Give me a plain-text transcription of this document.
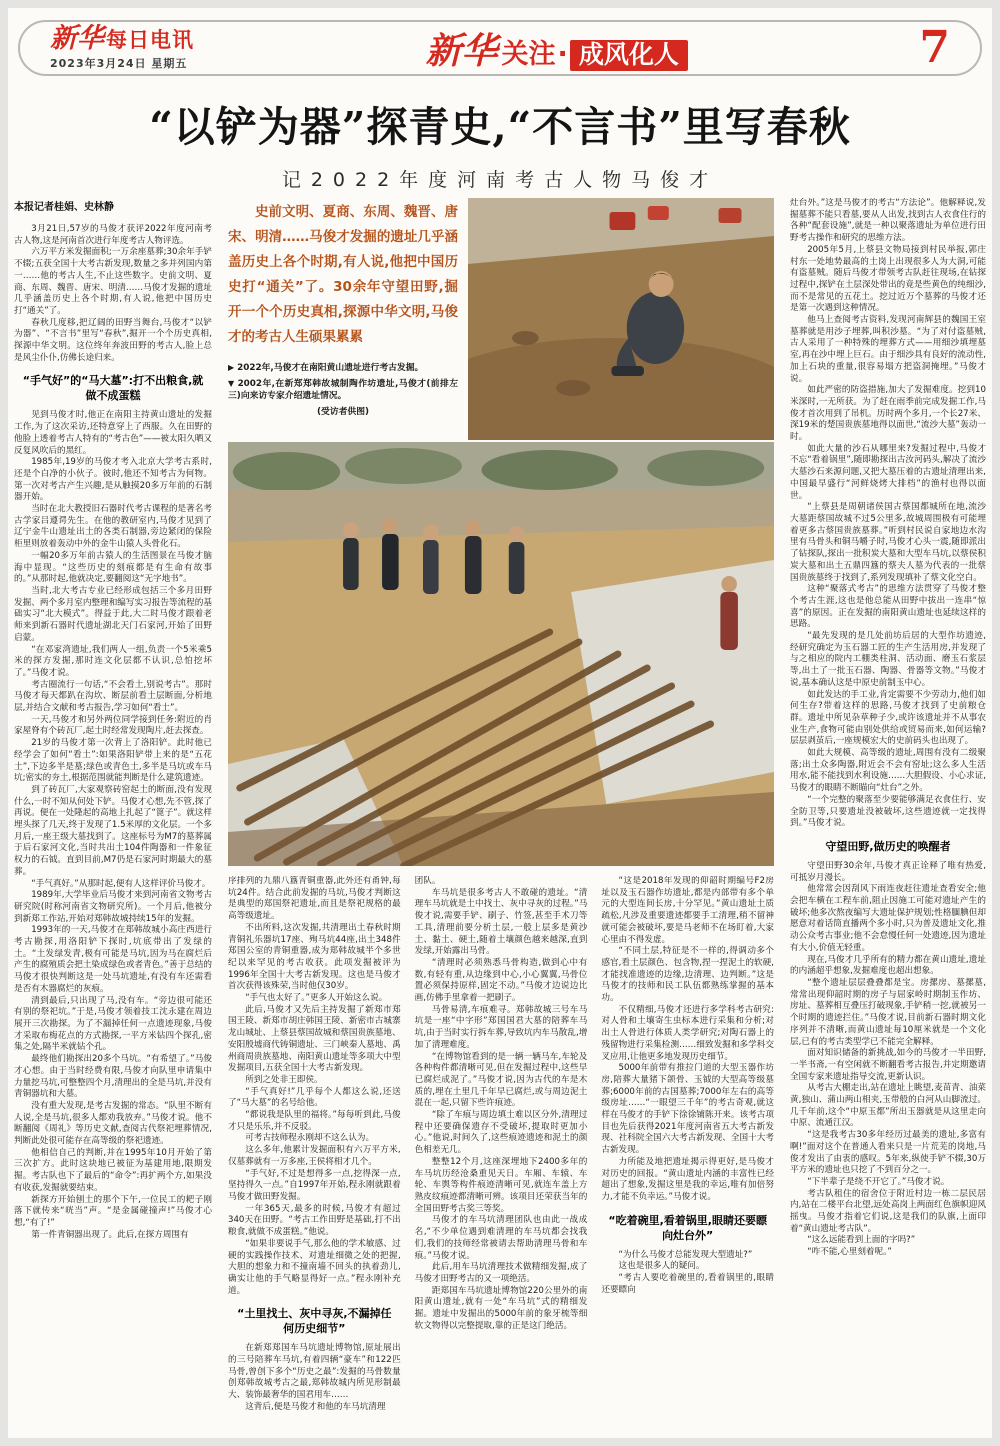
新华每日电讯
2023年3月24日 星期五	新华 关注· 成风化人	7
“以铲为器”探青史,“不言书”里写春秋
记2022年度河南考古人物马俊才

本报记者桂娟、史林静

3月21日,57岁的马俊才获评2022年度河南考古人物,这是河南首次进行年度考古人物评选。

六万平方米发掘面积;一万余座墓葬;30余年手铲不辍;五获全国十大考古新发现,数量之多并列国内第一……他的考古人生,不止这些数字。史前文明、夏商、东周、魏晋、唐宋、明清……马俊才发掘的遗址几乎涵盖历史上各个时期,有人说,他把中国历史打“通关”了。

春秋几度移,把辽阔的田野当舞台,马俊才“以铲为器”、“不言书”里写“春秋”,掘开一个个历史真相,探源中华文明。这位终年奔波田野的考古人,脸上总是风尘仆仆,仿佛长途归来。

“手气好”的“马大墓”:打不出粮食,就做不成蛋糕

见到马俊才时,他正在南阳主持黄山遗址的发掘工作,为了这次采访,还特意穿上了西服。久在田野的他脸上透着考古人特有的“考古色”——被太阳久晒又反复风吹后的黑红。

1985年,19岁的马俊才考入北京大学考古系时,还是个白净的小伙子。彼时,他还不知考古为何物。第一次对考古产生兴趣,是从触摸20多万年前的石制器开始。

当时在北大教授旧石器时代考古课程的是著名考古学家吕遵谔先生。在他的教研室内,马俊才见到了辽宁金牛山遗址出土的各类石制器,旁边紧闭的保险柜里则放着轰动中外的金牛山猿人头骨化石。

一幅20多万年前古猿人的生活图景在马俊才脑海中显现。“这些历史的刻痕都是有生命有故事的。”从那时起,他就决定,要翻阅这“无字地书”。

当时,北大考古专业已经形成包括三个多月田野发掘、两个多月室内整理和编写实习报告等流程的基础实习“北大模式”。得益于此,大二时马俊才跟着老师来到新石器时代遗址湖北天门石家河,开始了田野启蒙。

“在邓家湾遗址,我们两人一组,负责一个5米乘5米的探方发掘,那时连文化层都不认识,总怕挖坏了。”马俊才说。

考古圈流行一句话,“不会看土,别说考古”。那时马俊才每天都趴在沟坎、断层前看土层断面,分析地层,并结合文献和考古报告,学习如何“看土”。

一天,马俊才和另外两位同学接到任务:附近的肖家屋脊有个砖瓦厂,起土时经常发现陶片,赶去探查。

21岁的马俊才第一次背上了洛阳铲。此时他已经学会了如何“看土”:如果洛阳铲带上来的是“五花土”,下边多半是墓;绿色或青色土,多半是马坑或车马坑;密实的夯土,根据范围就能判断是什么建筑遗迹。

到了砖瓦厂,大家观察砖窑起土的断面,没有发现什么,一时不知从何处下铲。马俊才心想,先不管,探了再说。便在一处隆起的高地上扎起了“篦子”。就这样埋头探了几天,终于发现了1.5米厚的文化层。一个多月后,一座王级大墓找到了。这座标号为M7的墓葬属于后石家河文化,当时共出土104件陶器和一件象征权力的石钺。直到目前,M7仍是石家河时期最大的墓葬。

“手气真好。”从那时起,便有人这样评价马俊才。

1989年,大学毕业后马俊才来到河南省文物考古研究院(时称河南省文物研究所)。一个月后,他被分到新郑工作站,开始对郑韩故城持续15年的发掘。

1993年的一天,马俊才在郑韩故城小高庄西进行考古勘探,用洛阳铲下探时,坑底带出了发绿的土。“土发绿发青,极有可能是马坑,因为马在腐烂后产生的腐殖质会把土染成绿色或者青色。”善于总结的马俊才很快判断这是一处马坑遗址,有没有车还需看是否有木器腐烂的灰痕。

清到最后,只出现了马,没有车。“旁边很可能还有别的祭祀坑。”于是,马俊才领着技工沈永建在周边展开三次勘探。为了不漏掉任何一点遗迹现象,马俊才采取布梅花点的方式勘探,一平方米钻四个探孔,密集之处,隔半米就钻个孔。

最终他们勘探出20多个马坑。“有希望了。”马俊才心想。由于当时经费有限,马俊才向队里申请集中力量挖马坑,可整整四个月,清理出的全是马坑,并没有青铜器坑和大墓。

没有重大发现,是考古发掘的常态。“队里不断有人说,全是马坑,很多人都劝我放弃。”马俊才说。他不断翻阅《周礼》等历史文献,查阅古代祭祀埋葬情况,判断此处很可能存在高等级的祭祀遗迹。

他相信自己的判断,并在1995年10月开始了第三次扩方。此时这块地已被征为基建用地,限期发掘。考古队也下了最后的“命令”:再扩两个方,如果没有收获,发掘就要结束。

新探方开始刨土的那个下午,一位民工的耙子刚落下就传来“咣当”声。“是金属碰撞声!”马俊才心想,“有了!”

第一件青铜器出现了。此后,在探方周围有

史前文明、夏商、东周、魏晋、唐宋、明清……马俊才发掘的遗址几乎涵盖历史上各个时期,有人说,他把中国历史打“通关”了。30余年守望田野,掘开一个个历史真相,探源中华文明,马俊才的考古人生硕果累累

▶ 2022年,马俊才在南阳黄山遗址进行考古发掘。

▼ 2002年,在新郑郑韩故城制陶作坊遗址,马俊才(前排左三)向来访专家介绍遗址情况。

(受访者供图)

序排列的九鼎八簋青铜重器,此外还有甬钟,每坑24件。结合此前发掘的马坑,马俊才判断这是典型的郑国祭祀遗址,而且是祭祀规格的最高等级遗址。

不出所料,这次发掘,共清理出土春秋时期青铜礼乐器坑17座、殉马坑44座,出土348件郑国公室的青铜重器,成为郑韩故城半个多世纪以来罕见的考古收获。此项发掘被评为1996年全国十大考古新发现。这也是马俊才首次获得该殊荣,当时他仅30岁。

“手气也太好了。”更多人开始这么说。

此后,马俊才又先后主持发掘了新郑市郑国王陵、新郑市胡庄韩国王陵、新密市古城寨龙山城址、上蔡县蔡国故城和蔡国贵族墓地、安阳殷墟商代铸铜遗址、三门峡秦人墓地、禹州商周贵族墓地、南阳黄山遗址等多项大中型发掘项目,五获全国十大考古新发现。

所到之处非王即侯。

“手气真好!”几乎每个人都这么说,还送了“马大墓”的名号给他。

“都说我是队里的福将。”每每听到此,马俊才只是乐乐,并不反驳。

可考古技师程永刚却不这么认为。

这么多年,他累计发掘面积有六万平方米,仅墓葬就有一万多座,王侯将相才几个。

“手气好,不过是想得多一点,挖得深一点,坚持得久一点。”自1997年开始,程永刚就跟着马俊才做田野发掘。

一年365天,最多的时候,马俊才有超过340天在田野。“考古工作田野是基础,打不出粮食,就做不成蛋糕。”他说。

“如果非要说手气,那么他的学术敏感、过硬的实践操作技术、对遗址细微之处的把握,大胆的想象力和不撞南墙不回头的执着劲儿,确实让他的手气略显得好一点。”程永刚补充道。

“土里找土、灰中寻灰,不漏掉任何历史细节”

在新郑郑国车马坑遗址博物馆,原址展出的三号陪葬车马坑,有着四辆“豪车”和122匹马骨,曾创下多个“历史之最”:发掘的马骨数量创郑韩故城考古之最,郑韩故城内所见形制最大、装饰最奢华的国君用车……

这背后,便是马俊才和他的车马坑清理

团队。

车马坑是很多考古人不敢碰的遗址。“清理车马坑就是土中找土、灰中寻灰的过程。”马俊才说,需要手铲、刷子、竹签,甚至手术刀等工具,清理前要分析土层,一般上层多是黄沙土、黏土、硬土,随着土壤颜色越来越深,直到发绿,开始露出马骨。

“清理时必须熟悉马骨构造,做到心中有数,有轻有重,从边缘到中心,小心翼翼,马骨位置必须保持原样,固定不动。”马俊才边说边比画,仿佛手里拿着一把刷子。

马骨易清,车痕难寻。郑韩故城三号车马坑是一座“中字形”郑国国君大墓的陪葬车马坑,由于当时实行拆车葬,导致坑内车马散乱,增加了清理难度。

“在博物馆看到的是一辆一辆马车,车轮及各种构件都清晰可见,但在发掘过程中,这些早已腐烂成泥了。”马俊才说,因为古代的车是木质的,埋在土里几千年早已腐烂,或与周边泥土混在一起,只留下些许痕迹。

“除了车痕与周边填土难以区分外,清理过程中还要确保遗存不受破坏,提取时更加小心。”他说,时间久了,这些痕迹遗迹和泥土的颜色相差无几。

整整12个月,这座深埋地下2400多年的车马坑历经沧桑重见天日。车厢、车辕、车轮、车舆等构件痕迹清晰可见,就连车盖上方熟皮纹痕迹都清晰可辨。该项目还荣获当年的全国田野考古奖三等奖。

马俊才的车马坑清理团队也由此一战成名,“不少单位遇到难清理的车马坑都会找我们,我们的技师经常被请去帮助清理马骨和车痕。”马俊才说。

此后,用车马坑清理技术做精细发掘,成了马俊才田野考古的又一项绝活。

距郑国车马坑遗址博物馆220公里外的南阳黄山遗址,就有一处“车马坑”式的精细发掘。遗址中发掘出的5000年前的象牙梳等细软文物得以完整提取,靠的正是这门绝活。

“这是2018年发现的仰韶时期编号F2房址以及玉石器作坊遗址,都是内部带有多个单元的大型连间长房,十分罕见。”黄山遗址土质疏松,凡涉及重要遗迹都要手工清理,稍不留神就可能会被破坏,要是马老师不在场盯着,大家心里由不得发虚。

“不同土层,特征是不一样的,得调动多个感官,看土层颜色、包含物,捏一捏泥土的软硬,才能找准遗迹的边缘,边清理、边判断。”这是马俊才的技师和民工队伍都熟练掌握的基本功。

不仅精细,马俊才还进行多学科考古研究:对人骨和土壤寄生虫标本进行采集和分析;对出土人骨进行体质人类学研究;对陶石器上的残留物进行采集检测……细致发掘和多学科交叉应用,让他更多地发现历史细节。

5000年前带有推拉门道的大型玉器作坊房,陪葬大量猪下颌骨、玉钺的大型高等级墓葬;6000年前的古国墓葬;7000年左右的高等级房址……“一眼望三千年”的考古奇观,就这样在马俊才的手铲下徐徐铺陈开来。该考古项目也先后获得2021年度河南省五大考古新发现、社科院全国六大考古新发现、全国十大考古新发现。

力所能及地把遗址揭示得更好,是马俊才对历史的回报。“黄山遗址内涵的丰富性已经超出了想象,发掘这里是我的幸运,唯有加倍努力,才能不负幸运。”马俊才说。

“吃着碗里,看着锅里,眼睛还要瞟向灶台外”

“为什么马俊才总能发现大型遗址?”

这也是很多人的疑问。

“考古人要吃着碗里的,看着锅里的,眼睛还要瞟向

灶台外。”这是马俊才的考古“方法论”。他解释说,发掘墓葬不能只看墓,要从人出发,找到古人衣食住行的各种“配套设施”,就是一种以聚落遗址为单位进行田野考古操作和研究的思维方法。

2005年5月,上蔡县文物局接到村民举报,郭庄村东一处地势最高的土岗上出现很多人为大洞,可能有盗墓贼。随后马俊才带领考古队赶往现场,在钻探过程中,探铲在土层深处带出的竟是些黄色的纯细沙,而不是常见的五花土。挖过近万个墓葬的马俊才还是第一次遇到这种情况。

他马上查阅考古资料,发现河南辉县的魏国王室墓葬就是用沙子埋葬,叫积沙墓。“为了对付盗墓贼,古人采用了一种特殊的埋葬方式——用细沙填埋墓室,再在沙中埋上巨石。由于细沙具有良好的流动性,加上石块的重量,很容易塌方把盗洞掩埋。”马俊才说。

如此严密的防盗措施,加大了发掘难度。挖到10米深时,一无所获。为了赶在雨季前完成发掘工作,马俊才首次用到了吊机。历时两个多月,一个长27米、深19米的楚国贵族墓地得以面世,“流沙大墓”轰动一时。

如此大量的沙石从哪里来?发掘过程中,马俊才不忘“看着锅里”,随即勘探出古汝河码头,解决了流沙大墓沙石来源问题,又把大墓压着的古遗址清理出来,中国最早盛行“河鲜烧烤大排档”的渔村也得以面世。

“上蔡县是周朝诸侯国古蔡国都城所在地,流沙大墓距蔡国故城不过5公里多,故城周围极有可能埋着更多古蔡国贵族墓葬。”听到村民说自家地边水沟里有马骨头和铜马嚼子时,马俊才心头一震,随即派出了钻探队,探出一批积炭大墓和大型车马坑,以蔡侯积炭大墓和出土五鼎四簋的蔡夫人墓为代表的一批蔡国贵族墓终于找到了,系列发现填补了蔡文化空白。

这种“聚落式考古”的思维方法贯穿了马俊才整个考古生涯,这也是他总能从田野中拔出一连串“惊喜”的原因。正在发掘的南阳黄山遗址也延续这样的思路。

“最先发现的是几处前坊后居的大型作坊遗迹,经研究确定为玉石器工匠的生产生活用房,并发现了与之相应的院内工棚类柱洞、活动面、磨玉石浆层等,出土了一批玉石器、陶器、骨器等文物。”马俊才说,基本确认这是中原史前制玉中心。

如此发达的手工业,肯定需要不少劳动力,他们如何生存?带着这样的思路,马俊才找到了史前粮仓群。遗址中所见杂草种子少,或许该遗址并不从事农业生产,食物可能由别处供给或贸易而来,如何运输?层层剥茧后,一座规模宏大的史前码头也出现了。

如此大规模、高等级的遗址,周围有没有二级聚落;出土众多陶器,附近会不会有窑址;这么多人生活用水,能不能找到水利设施……大胆假设、小心求证,马俊才的眼睛不断瞄向“灶台”之外。

“一个完整的聚落至少要能够满足衣食住行、安全防卫等,只要遗址没被破坏,这些遗迹就一定找得到。”马俊才说。

守望田野,做历史的唤醒者

守望田野30余年,马俊才真正诠释了唯有热爱,可抵岁月漫长。

他常常会因刮风下雨连夜赶往遗址查看安全;他会把车横在工程车前,阻止因施工可能对遗址产生的破坏;他多次熬夜编写大遗址保护规划;性格腼腆但却愿意对着话筒直播两个多小时,只为普及遗址文化,推动公众考古事业;他不会怠慢任何一处遗迹,因为遗址有大小,价值无轻重。

现在,马俊才几乎所有的精力都在黄山遗址,遗址的内涵超乎想象,发掘难度也超出想象。

“整个遗址层层叠叠都是宝。房摞房、墓摞墓,常常出现仰韶时期的房子与屈家岭时期制玉作坊、房址、墓葬相互叠压打破现象,手铲稍一挖,就被另一个时期的遗迹拦住。”马俊才说,目前新石器时期文化序列并不清晰,而黄山遗址每10厘米就是一个文化层,已有的考古类型学已不能完全解释。

面对知识储备的新挑战,如今的马俊才一半田野,一半书斋,一有空闲就不断翻看考古报告,并定期邀请全国专家来遗址指导交流,更新认识。

从考古大棚走出,站在遗址上眺望,麦苗青、油菜黄,独山、蒲山两山相夹,玉带般的白河从山脚流过。几千年前,这个“中原玉都”所出玉器就是从这里走向中原、流通江汉。

“这是我考古30多年经历过最美的遗址,多富有啊!”面对这个在普通人看来只是一片荒芜的岗地,马俊才发出了由衷的感叹。5年来,纵使手铲不辍,30万平方米的遗址也只挖了不到百分之一。

“下半辈子是绕不开它了。”马俊才说。

考古队租住的宿舍位于附近村边一栋二层民居内,站在二楼平台北望,远处高岗上两面红色旗帜迎风摇曳。马俊才指着它们说,这是我们的队旗,上面印着“黄山遗址考古队”。

“这么远能看到上面的字吗?”

“咋不能,心里刻着呢。”
